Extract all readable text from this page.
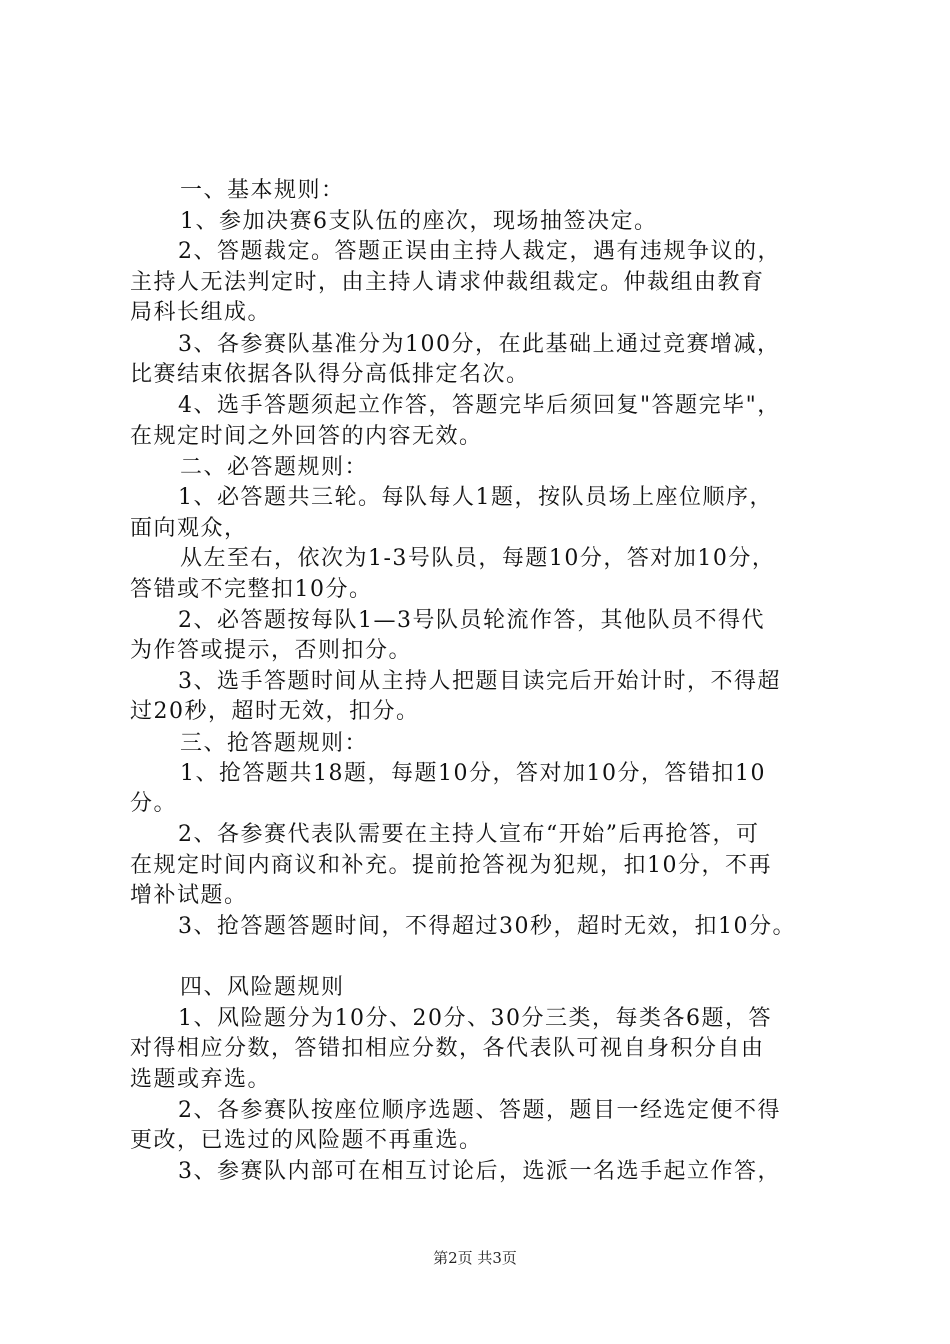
一、基本规则：
1、参加决赛6支队伍的座次，现场抽签决定。
2、答题裁定。答题正误由主持人裁定，遇有违规争议的，
主持人无法判定时，由主持人请求仲裁组裁定。仲裁组由教育
局科长组成。
3、各参赛队基准分为100分，在此基础上通过竞赛增减，
比赛结束依据各队得分高低排定名次。
4、选手答题须起立作答，答题完毕后须回复"答题完毕"，
在规定时间之外回答的内容无效。
二、必答题规则：
1、必答题共三轮。每队每人1题，按队员场上座位顺序，
面向观众，
从左至右，依次为1-3号队员，每题10分，答对加10分，
答错或不完整扣10分。
2、必答题按每队1—3号队员轮流作答，其他队员不得代
为作答或提示，否则扣分。
3、选手答题时间从主持人把题目读完后开始计时，不得超
过20秒，超时无效，扣分。
三、抢答题规则：
1、抢答题共18题，每题10分，答对加10分，答错扣10
分。
2、各参赛代表队需要在主持人宣布“开始”后再抢答，可
在规定时间内商议和补充。提前抢答视为犯规，扣10分，不再
增补试题。
3、抢答题答题时间，不得超过30秒，超时无效，扣10分。
四、风险题规则
1、风险题分为10分、20分、30分三类，每类各6题，答
对得相应分数，答错扣相应分数，各代表队可视自身积分自由
选题或弃选。
2、各参赛队按座位顺序选题、答题，题目一经选定便不得
更改，已选过的风险题不再重选。
3、参赛队内部可在相互讨论后，选派一名选手起立作答，
第2页 共3页
